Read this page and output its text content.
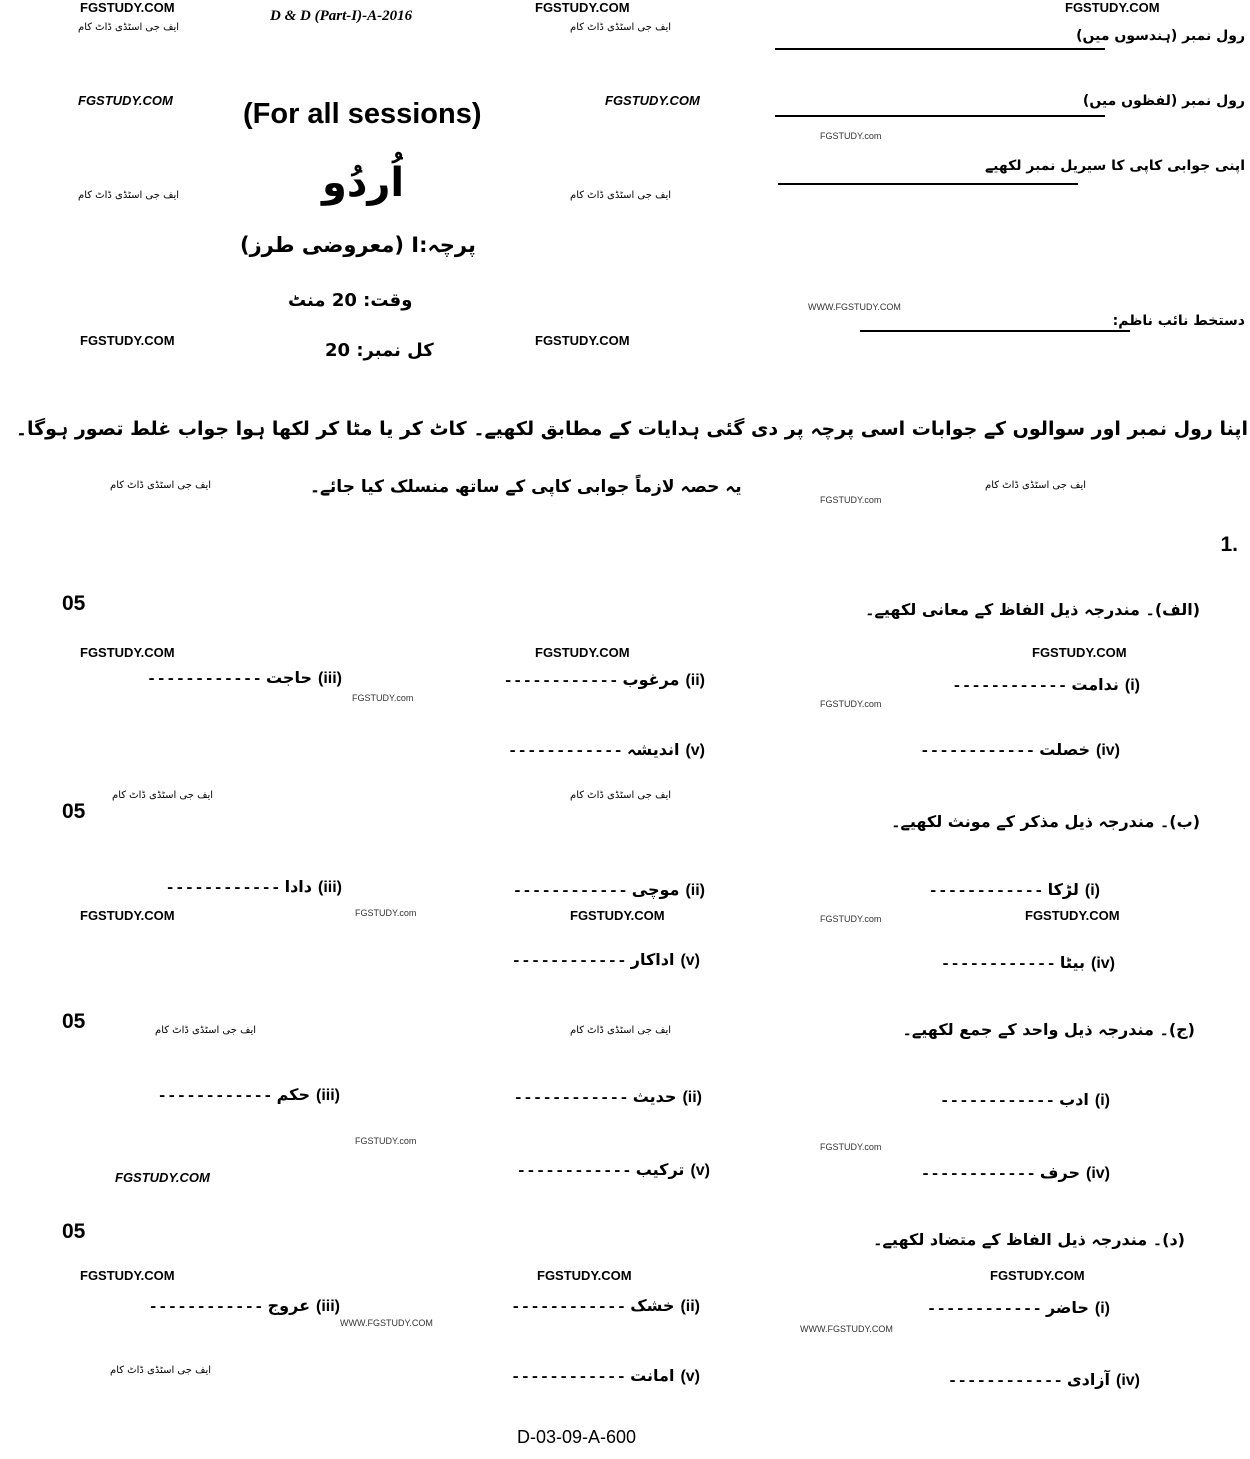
D & D (Part-I)-A-2016
(For all sessions)
اُردُو
پرچہ:I (معروضی طرز)
وقت: 20 منٹ
کل نمبر: 20
رول نمبر (ہندسوں میں)
رول نمبر (لفظوں میں)
اپنی جوابی کاپی کا سیریل نمبر لکھیے
دستخط نائب ناظم:
FGSTUDY.COM	FGSTUDY.COM	FGSTUDY.COM
ایف جی اسٹڈی ڈاٹ کام	ایف جی اسٹڈی ڈاٹ کام
FGSTUDY.COM	FGSTUDY.COM
FGSTUDY.com
ایف جی اسٹڈی ڈاٹ کام	ایف جی اسٹڈی ڈاٹ کام
WWW.FGSTUDY.COM
FGSTUDY.COM	FGSTUDY.COM
اپنا رول نمبر اور سوالوں کے جوابات اسی پرچہ پر دی گئی ہدایات کے مطابق لکھیے۔ کاٹ کر یا مٹا کر لکھا ہوا جواب غلط تصور ہوگا۔
ایف جی اسٹڈی ڈاٹ کام	یہ حصہ لازماً جوابی کاپی کے ساتھ منسلک کیا جائے۔
FGSTUDY.com
ایف جی اسٹڈی ڈاٹ کام
1.
05	(الف)۔ مندرجہ ذیل الفاظ کے معانی لکھیے۔
FGSTUDY.COM	FGSTUDY.COM	FGSTUDY.COM
(i)ندامت------------
(ii)مرغوب------------
(iii)حاجت------------
FGSTUDY.com
FGSTUDY.com
(iv)خصلت------------
(v)اندیشہ------------
05
ایف جی اسٹڈی ڈاٹ کام	ایف جی اسٹڈی ڈاٹ کام
(ب)۔ مندرجہ ذیل مذکر کے مونث لکھیے۔
(i)لڑکا------------
(ii)موچی------------
(iii)دادا------------
FGSTUDY.COM	FGSTUDY.com	FGSTUDY.COM	FGSTUDY.com	FGSTUDY.COM
(iv)بیٹا------------
(v)اداکار------------
05	ایف جی اسٹڈی ڈاٹ کام	ایف جی اسٹڈی ڈاٹ کام	(ج)۔ مندرجہ ذیل واحد کے جمع لکھیے۔
(i)ادب------------
(ii)حدیث------------
(iii)حکم------------
FGSTUDY.com
FGSTUDY.com
FGSTUDY.COM	(iv)حرف------------
(v)ترکیب------------
05	(د)۔ مندرجہ ذیل الفاظ کے متضاد لکھیے۔
FGSTUDY.COM	FGSTUDY.COM	FGSTUDY.COM
(i)حاضر------------
(ii)خشک------------
(iii)عروج------------
WWW.FGSTUDY.COM
WWW.FGSTUDY.COM
ایف جی اسٹڈی ڈاٹ کام
(iv)آزادی------------
(v)امانت------------
D-03-09-A-600
